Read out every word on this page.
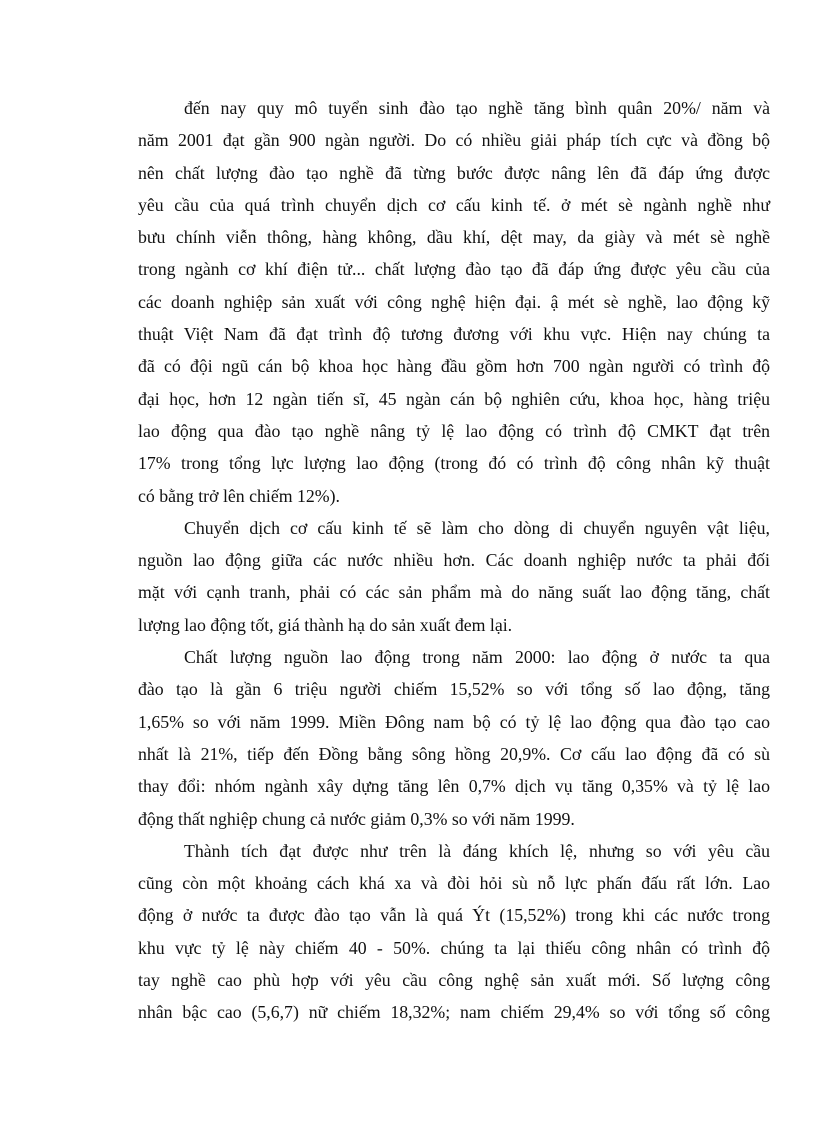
đến nay quy mô tuyển sinh đào tạo nghề tăng bình quân 20%/ năm và
năm 2001 đạt gần 900 ngàn người. Do có nhiều giải pháp tích cực và đồng bộ
nên chất lượng đào tạo nghề đã từng bước được nâng lên đã đáp ứng được
yêu cầu của quá trình chuyển dịch cơ cấu kinh tế. ở mét sè ngành nghề như
bưu chính viễn thông, hàng không, dầu khí, dệt may, da giày và mét sè nghề
trong ngành cơ khí điện tử... chất lượng đào tạo đã đáp ứng được yêu cầu của
các doanh nghiệp sản xuất với công nghệ hiện đại. ậ mét sè nghề, lao động kỹ
thuật Việt Nam đã đạt trình độ tương đương với khu vực. Hiện nay chúng ta
đã có đội ngũ cán bộ khoa học hàng đầu gồm hơn 700 ngàn người có trình độ
đại học, hơn 12 ngàn tiến sĩ, 45 ngàn cán bộ nghiên cứu, khoa học, hàng triệu
lao động qua đào tạo nghề nâng tỷ lệ lao động có trình độ CMKT đạt trên
17% trong tổng lực lượng lao động (trong đó có trình độ công nhân kỹ thuật
có bằng trở lên chiếm 12%).
Chuyển dịch cơ cấu kinh tế sẽ làm cho dòng di chuyển nguyên vật liệu,
nguồn lao động giữa các nước nhiều hơn. Các doanh nghiệp nước ta phải đối
mặt với cạnh tranh, phải có các sản phẩm mà do năng suất lao động tăng, chất
lượng lao động tốt, giá thành hạ do sản xuất đem lại.
Chất lượng nguồn lao động trong năm 2000: lao động ở nước ta qua
đào tạo là gần 6 triệu người chiếm 15,52% so với tổng số lao động, tăng
1,65% so với năm 1999. Miền Đông nam bộ có tỷ lệ lao động qua đào tạo cao
nhất là 21%, tiếp đến Đồng bằng sông hồng 20,9%. Cơ cấu lao động đã có sù
thay đổi: nhóm ngành xây dựng tăng lên 0,7% dịch vụ tăng 0,35% và tỷ lệ lao
động thất nghiệp chung cả nước giảm 0,3% so với năm 1999.
Thành tích đạt được như trên là đáng khích lệ, nhưng so với yêu cầu
cũng còn một khoảng cách khá xa và đòi hỏi sù nỗ lực phấn đấu rất lớn. Lao
động ở nước ta được đào tạo vẫn là quá Ýt (15,52%) trong khi các nước trong
khu vực tỷ lệ này chiếm 40 - 50%. chúng ta lại thiếu công nhân có trình độ
tay nghề cao phù hợp với yêu cầu công nghệ sản xuất mới. Số lượng công
nhân bậc cao (5,6,7) nữ chiếm 18,32%; nam chiếm 29,4% so với tổng số công
